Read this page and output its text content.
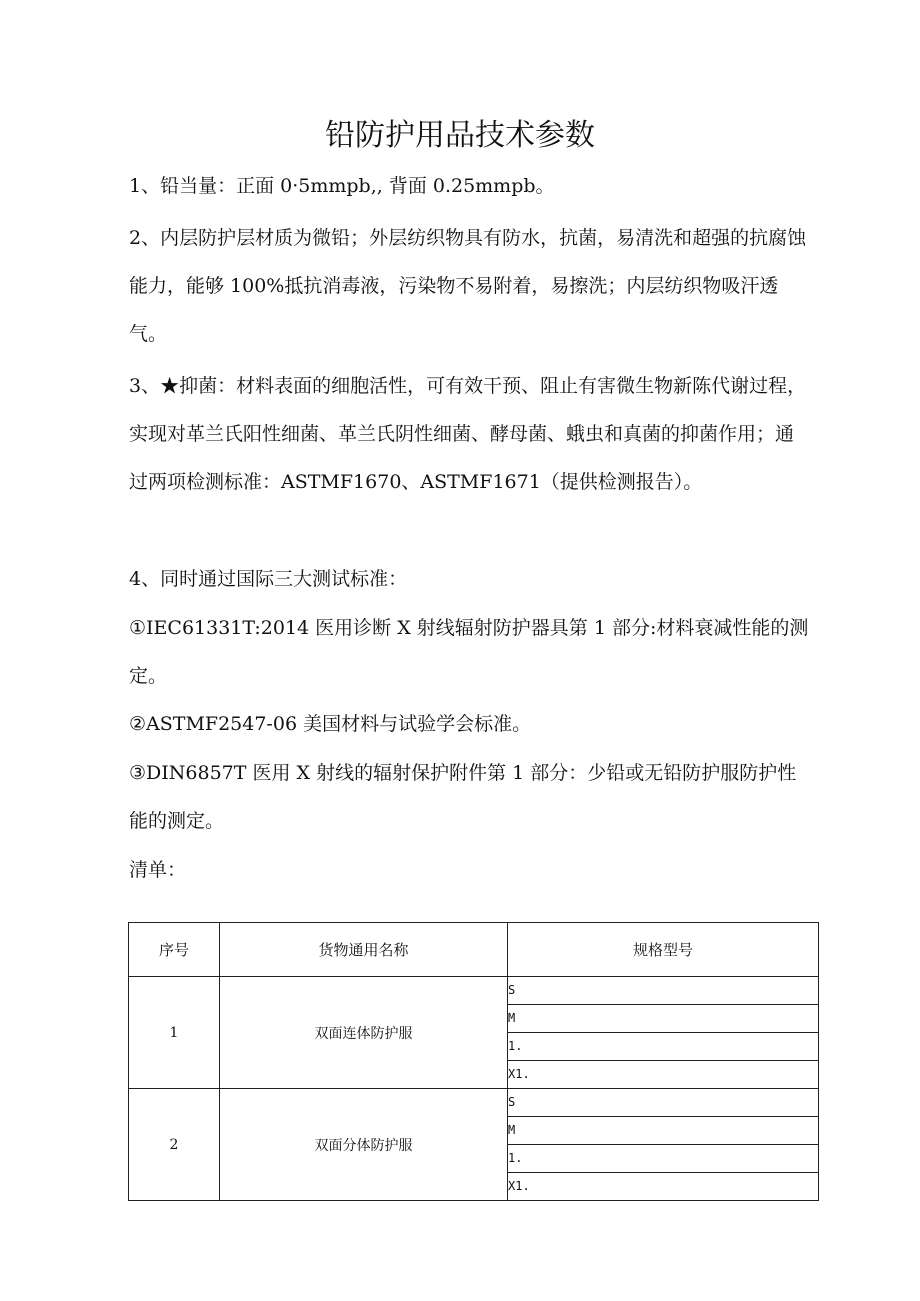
铅防护用品技术参数

1、铅当量：正面 0·5mmpb,, 背面 0.25mmpb。

2、内层防护层材质为微铅；外层纺织物具有防水，抗菌，易清洗和超强的抗腐蚀能力，能够 100%抵抗消毒液，污染物不易附着，易擦洗；内层纺织物吸汗透气。

3、★抑菌：材料表面的细胞活性，可有效干预、阻止有害微生物新陈代谢过程，实现对革兰氏阳性细菌、革兰氏阴性细菌、酵母菌、蛾虫和真菌的抑菌作用；通过两项检测标准：ASTMF1670、ASTMF1671（提供检测报告）。

4、同时通过国际三大测试标准：

①IEC61331T:2014 医用诊断 X 射线辐射防护器具第 1 部分:材料衰减性能的测定。

②ASTMF2547-06 美国材料与试验学会标准。

③DIN6857T 医用 X 射线的辐射保护附件第 1 部分：少铅或无铅防护服防护性能的测定。

清单：

序号	货物通用名称	规格型号
1	双面连体防护服	S
		M
		1.
		X1.
2	双面分体防护服	S
		M
		1.
		X1.
